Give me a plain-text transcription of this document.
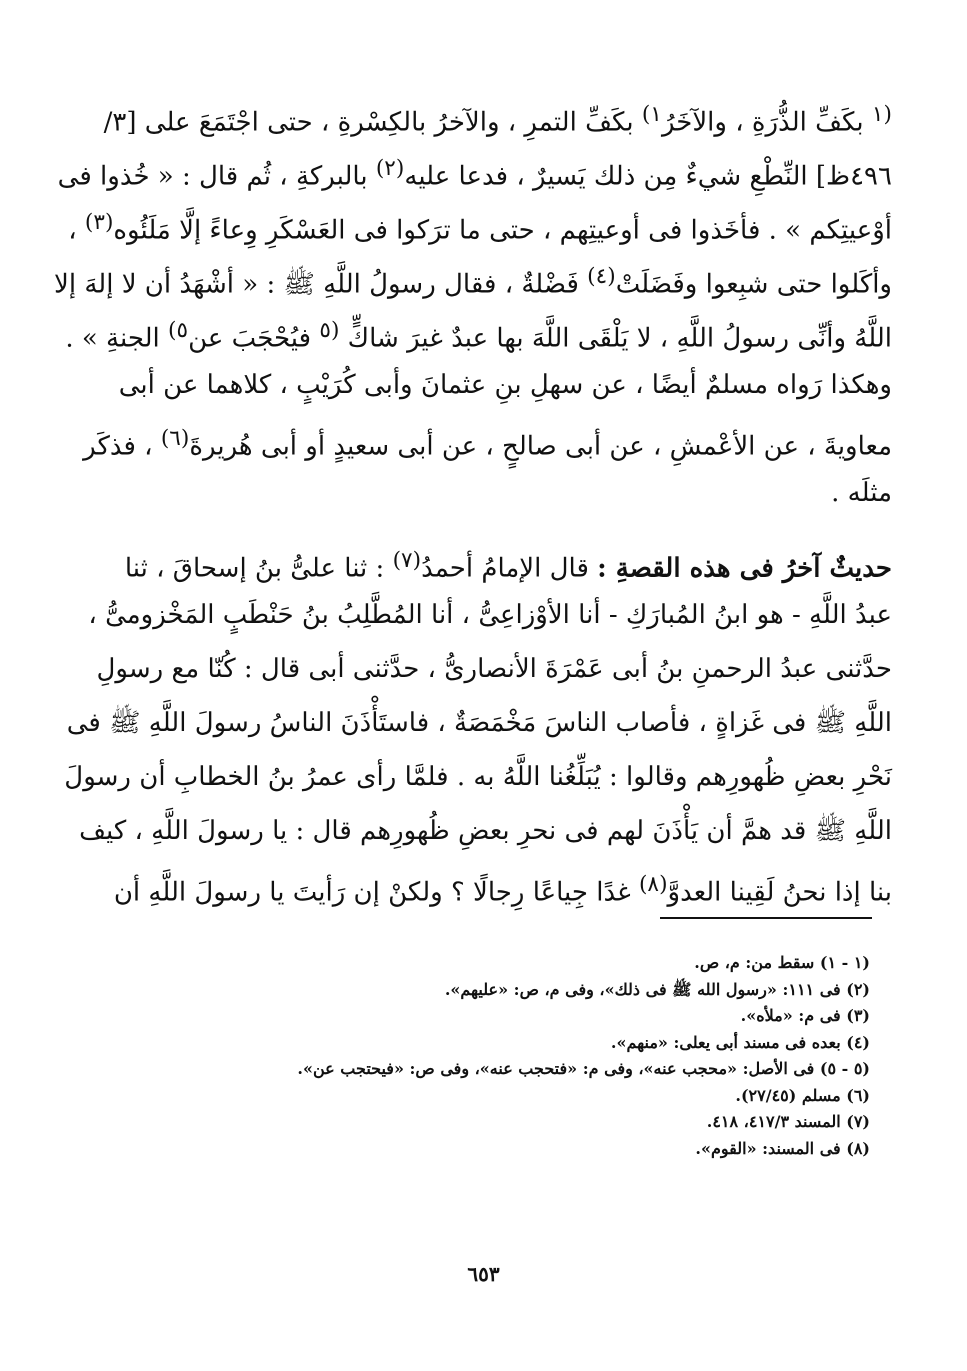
$^{(١}$ بكَفِّ الذُّرَةِ ، والآخَرُ$^{١)}$ بكَفِّ التمرِ ، والآخرُ بالكِسْرةِ ، حتى اجْتَمَعَ على [٣/
٤٩٦ظ] النِّطْعِ شيءٌ مِن ذلك يَسيرٌ ، فدعا عليه$^{(٢)}$ بالبركةِ ، ثُم قال : « خُذوا فى
أوْعيتِكم » . فأخَذوا فى أوعيتِهم ، حتى ما ترَكوا فى العَسْكَرِ وِعاءً إلَّا مَلَئُوه$^{(٣)}$ ،
وأكَلوا حتى شبِعوا وفَضَلَتْ$^{(٤)}$ فَضْلةٌ ، فقال رسولُ اللَّهِ ﷺ : « أشْهَدُ أن لا إلهَ إلا
اللَّهُ وأنِّى رسولُ اللَّهِ ، لا يَلْقَى اللَّهَ بها عبدٌ غيرَ شاكٍّ $^{(٥}$ فيُحْجَبَ عن$^{٥)}$ الجنةِ » .
وهكذا رَواه مسلمٌ أيضًا ، عن سهلِ بنِ عثمانَ وأبى كُرَيْبٍ ، كلاهما عن أبى
معاويةَ ، عن الأعْمشِ ، عن أبى صالحٍ ، عن أبى سعيدٍ أو أبى هُريرةَ$^{(٦)}$ ، فذكَر
مثلَه .
حديثٌ آخرُ فى هذه القصةِ : قال الإمامُ أحمدُ$^{(٧)}$ : ثنا علىُّ بنُ إسحاقَ ، ثنا
عبدُ اللَّهِ - هو ابنُ المُبارَكِ - أنا الأوْزاعِىُّ ، أنا المُطَّلِبُ بنُ حَنْطَبٍ المَخْزومىُّ ،
حدَّثنى عبدُ الرحمنِ بنُ أبى عَمْرَةَ الأنصارىُّ ، حدَّثنى أبى قال : كُنّا مع رسولِ
اللَّهِ ﷺ فى غَزاةٍ ، فأصاب الناسَ مَخْمَصَةٌ ، فاستَأْذَنَ الناسُ رسولَ اللَّهِ ﷺ فى
نَحْرِ بعضِ ظُهورِهم وقالوا : يُبَلِّغُنا اللَّهُ به . فلمَّا رأى عمرُ بنُ الخطابِ أن رسولَ
اللَّهِ ﷺ قد همَّ أن يَأْذَنَ لهم فى نحرِ بعضِ ظُهورِهم قال : يا رسولَ اللَّهِ ، كيف
بنا إذا نحنُ لَقِينا العدوَّ$^{(٨)}$ غدًا جِياعًا رِجالًا ؟ ولكنْ إن رَأيتَ يا رسولَ اللَّهِ أن
(١ - ١) سقط من: م، ص.
(٢) فى ١١١: «رسول الله ﷺ فى ذلك»، وفى م، ص: «عليهم».
(٣) فى م: «ملأه».
(٤) بعده فى مسند أبى يعلى: «منهم».
(٥ - ٥) فى الأصل: «محجب عنه»، وفى م: «فتحجب عنه»، وفى ص: «فيحتجب عن».
(٦) مسلم (٢٧/٤٥).
(٧) المسند ٤١٧/٣، ٤١٨.
(٨) فى المسند: «القوم».
٦٥٣
